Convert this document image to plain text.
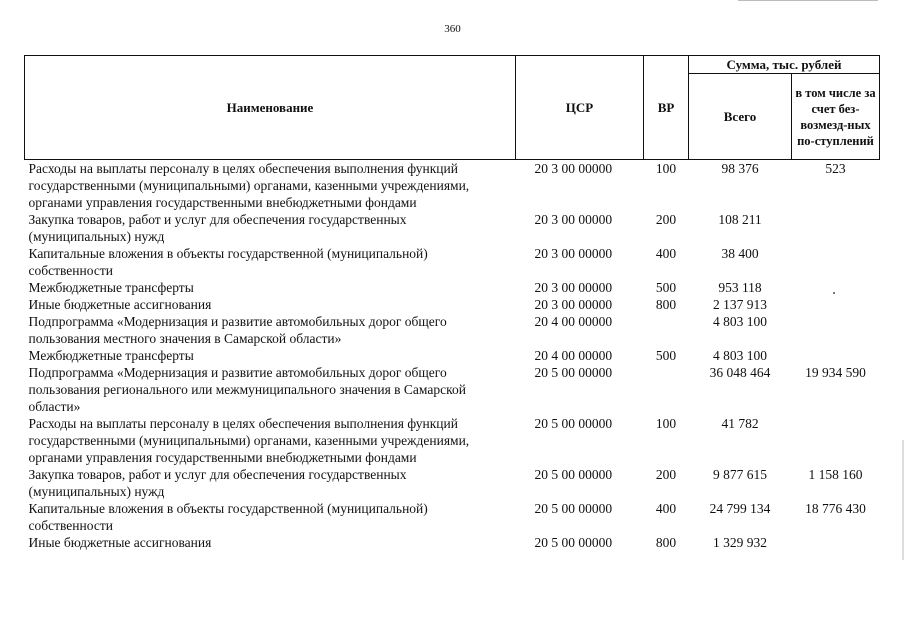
360
Наименование	ЦСР	ВР	Сумма, тыс. рублей	
			Всего	в том числе за счет без-возмезд-ных по-ступлений
Расходы на выплаты персоналу в целях обеспечения выполнения функций государственными (муниципальными) органами, казенными учреждениями, органами управления государственными внебюджетными фондами	20 3 00 00000	100	98 376	523
Закупка товаров, работ и услуг для обеспечения государственных (муниципальных) нужд	20 3 00 00000	200	108 211	
Капитальные вложения в объекты государственной (муниципальной) собственности	20 3 00 00000	400	38 400	
Межбюджетные трансферты	20 3 00 00000	500	953 118	
Иные бюджетные ассигнования	20 3 00 00000	800	2 137 913	
Подпрограмма «Модернизация и развитие автомобильных дорог общего пользования местного значения в Самарской области»	20 4 00 00000		4 803 100	
Межбюджетные трансферты	20 4 00 00000	500	4 803 100	
Подпрограмма «Модернизация и развитие автомобильных дорог общего пользования регионального или межмуниципального значения в Самарской области»	20 5 00 00000		36 048 464	19 934 590
Расходы на выплаты персоналу в целях обеспечения выполнения функций государственными (муниципальными) органами, казенными учреждениями, органами управления государственными внебюджетными фондами	20 5 00 00000	100	41 782	
Закупка товаров, работ и услуг для обеспечения государственных (муниципальных) нужд	20 5 00 00000	200	9 877 615	1 158 160
Капитальные вложения в объекты государственной (муниципальной) собственности	20 5 00 00000	400	24 799 134	18 776 430
Иные бюджетные ассигнования	20 5 00 00000	800	1 329 932	
